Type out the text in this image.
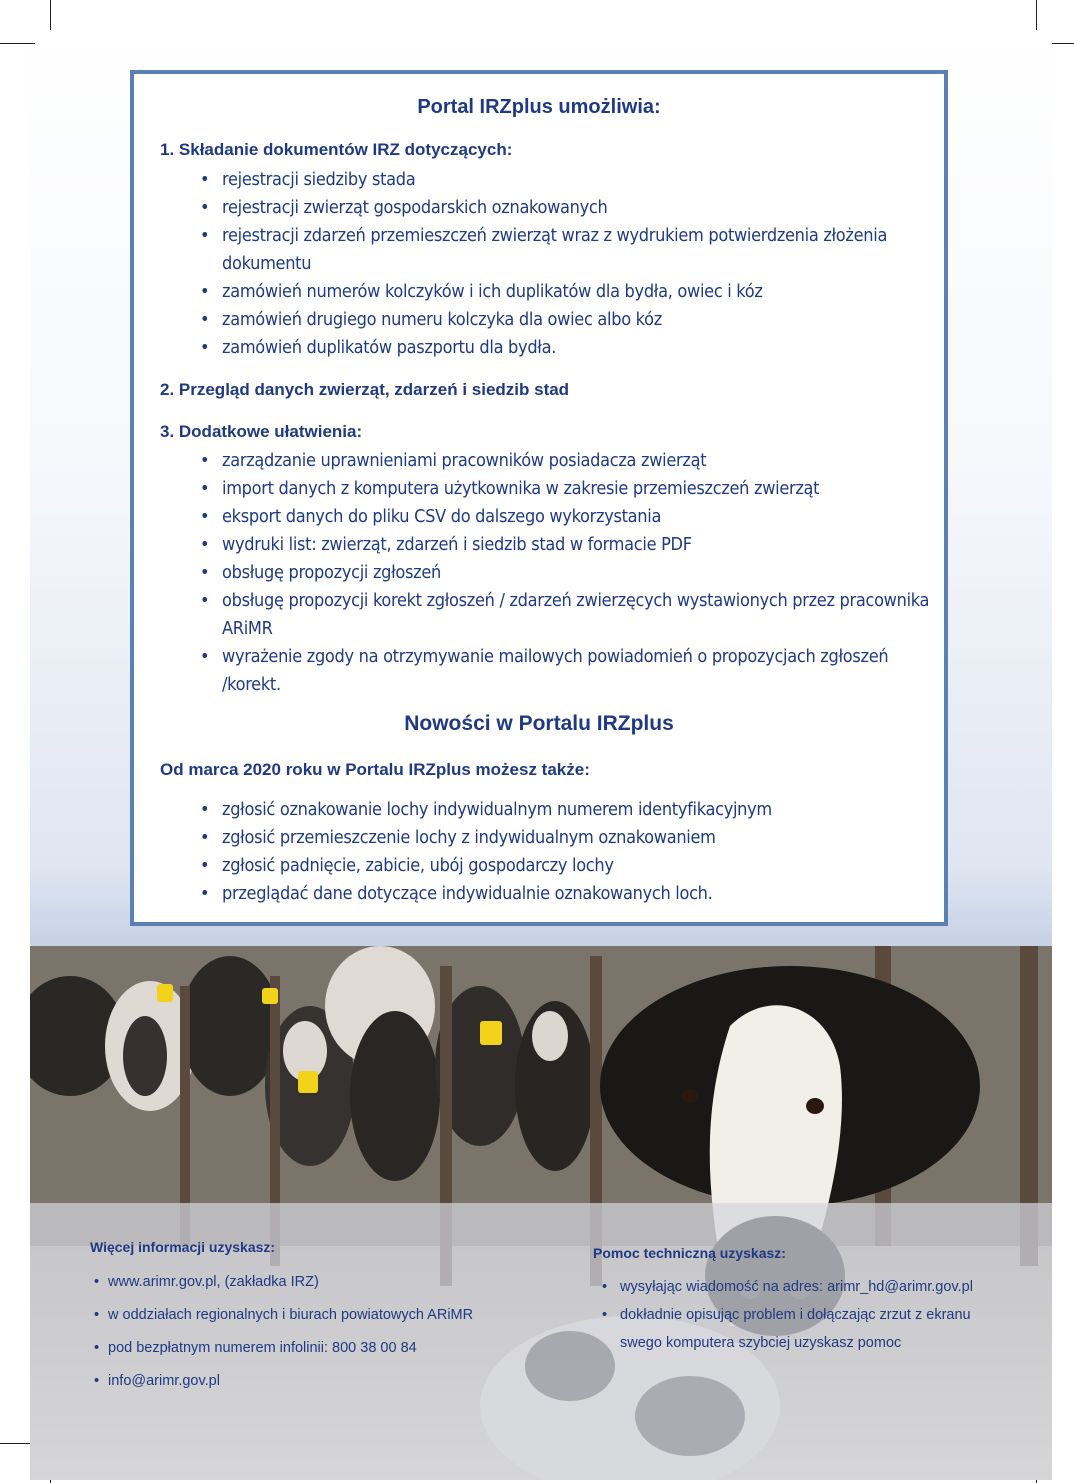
Portal IRZplus umożliwia:
1. Składanie dokumentów IRZ dotyczących:
• rejestracji siedziby stada
• rejestracji zwierząt gospodarskich oznakowanych
• rejestracji zdarzeń przemieszczeń zwierząt wraz z wydrukiem potwierdzenia złożenia dokumentu
• zamówień numerów kolczyków i ich duplikatów dla bydła, owiec i kóz
• zamówień drugiego numeru kolczyka dla owiec albo kóz
• zamówień duplikatów paszportu dla bydła.
2. Przegląd danych zwierząt, zdarzeń i siedzib stad
3. Dodatkowe ułatwienia:
• zarządzanie uprawnieniami pracowników posiadacza zwierząt
• import danych z komputera użytkownika w zakresie przemieszczeń zwierząt
• eksport danych do pliku CSV do dalszego wykorzystania
• wydruki list: zwierząt, zdarzeń i siedzib stad w formacie PDF
• obsługę propozycji zgłoszeń
• obsługę propozycji korekt zgłoszeń / zdarzeń zwierzęcych wystawionych przez pracownika ARiMR
• wyrażenie zgody na otrzymywanie mailowych powiadomień o propozycjach zgłoszeń /korekt.
Nowości w Portalu IRZplus
Od marca 2020 roku w Portalu IRZplus możesz także:
• zgłosić oznakowanie lochy indywidualnym numerem identyfikacyjnym
• zgłosić przemieszczenie lochy z indywidualnym oznakowaniem
• zgłosić padnięcie, zabicie, ubój gospodarczy lochy
• przeglądać dane dotyczące indywidualnie oznakowanych loch.
Więcej informacji uzyskasz:
• www.arimr.gov.pl, (zakładka IRZ)
• w oddziałach regionalnych i biurach powiatowych ARiMR
• pod bezpłatnym numerem infolinii: 800 38 00 84
• info@arimr.gov.pl
Pomoc techniczną uzyskasz:
• wysyłając wiadomość na adres: arimr_hd@arimr.gov.pl
• dokładnie opisując problem i dołączając zrzut z ekranu swego komputera szybciej uzyskasz pomoc
